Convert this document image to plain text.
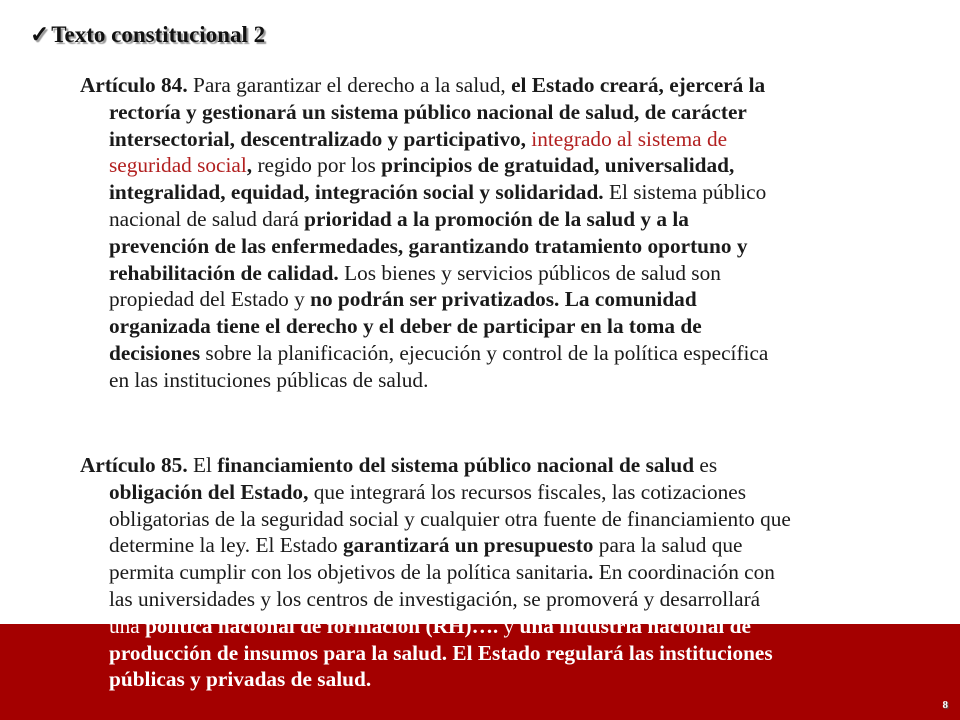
✓Texto constitucional 2

Artículo 84. Para garantizar el derecho a la salud, el Estado creará, ejercerá la
rectoría y gestionará un sistema público nacional de salud, de carácter
intersectorial, descentralizado y participativo, integrado al sistema de
seguridad social, regido por los principios de gratuidad, universalidad,
integralidad, equidad, integración social y solidaridad. El sistema público
nacional de salud dará prioridad a la promoción de la salud y a la
prevención de las enfermedades, garantizando tratamiento oportuno y
rehabilitación de calidad. Los bienes y servicios públicos de salud son
propiedad del Estado y no podrán ser privatizados. La comunidad
organizada tiene el derecho y el deber de participar en la toma de
decisiones sobre la planificación, ejecución y control de la política específica
en las instituciones públicas de salud.

Artículo 85. El financiamiento del sistema público nacional de salud es
obligación del Estado, que integrará los recursos fiscales, las cotizaciones
obligatorias de la seguridad social y cualquier otra fuente de financiamiento que
determine la ley. El Estado garantizará un presupuesto para la salud que
permita cumplir con los objetivos de la política sanitaria. En coordinación con
las universidades y los centros de investigación, se promoverá y desarrollará
una política nacional de formación (RH)…. y una industria nacional de
producción de insumos para la salud. El Estado regulará las instituciones
públicas y privadas de salud.

8
